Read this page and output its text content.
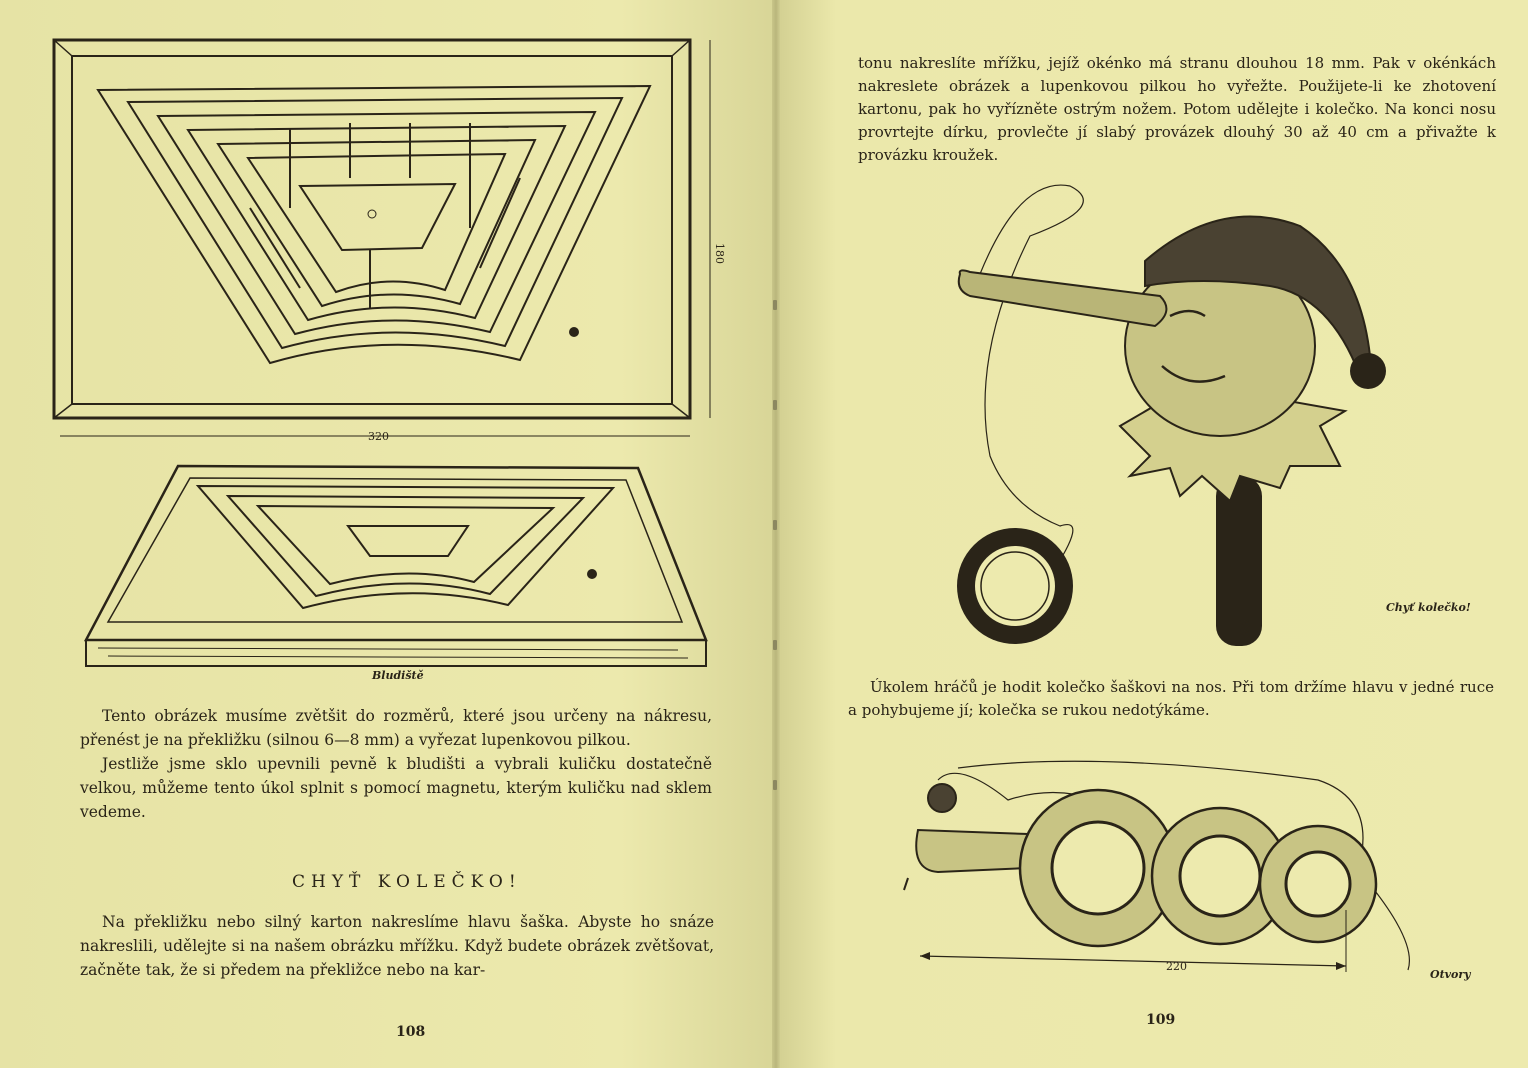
180
320
Bludiště

Tento obrázek musíme zvětšit do rozměrů, které jsou určeny na nákresu, přenést je na překližku (silnou 6—8 mm) a vyřezat lupenkovou pilkou.

Jestliže jsme sklo upevnili pevně k bludišti a vybrali kuličku dostatečně velkou, můžeme tento úkol splnit s pomocí magnetu, kterým kuličku nad sklem vedeme.

CHYŤ KOLEČKO!

Na překližku nebo silný karton nakreslíme hlavu šaška. Abyste ho snáze nakreslili, udělejte si na našem obrázku mřížku. Když budete obrázek zvětšovat, začněte tak, že si předem na překližce nebo na kar-

108

tonu nakreslíte mřížku, jejíž okénko má stranu dlouhou 18 mm. Pak v okénkách nakreslete obrázek a lupenkovou pilkou ho vyřežte. Použijete-li ke zhotovení kartonu, pak ho vyřízněte ostrým nožem. Potom udělejte i kolečko. Na konci nosu provrtejte dírku, provlečte jí slabý provázek dlouhý 30 až 40 cm a přivažte k provázku kroužek.

Chyť kolečko!

Úkolem hráčů je hodit kolečko šaškovi na nos. Při tom držíme hlavu v jedné ruce a pohybujeme jí; kolečka se rukou nedotýkáme.

220
Otvory
109
